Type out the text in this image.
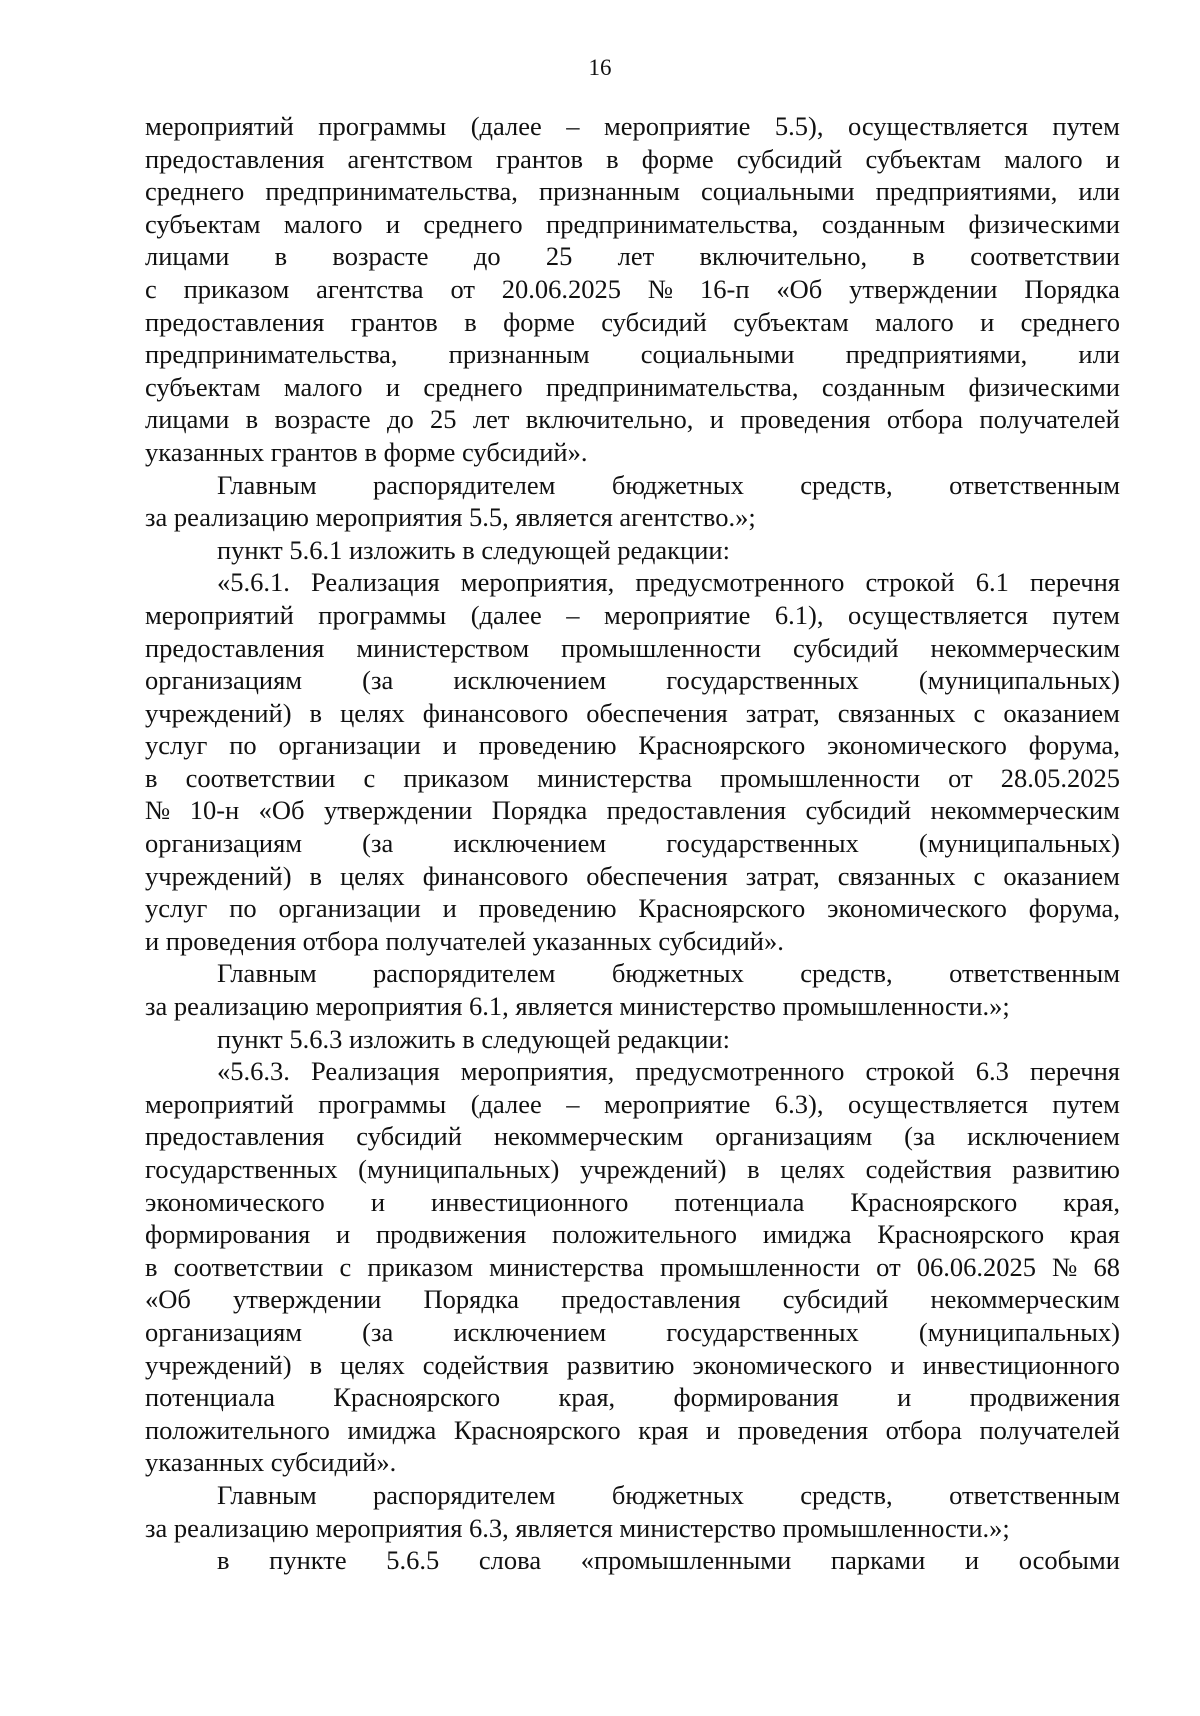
16
мероприятий программы (далее – мероприятие 5.5), осуществляется путем
предоставления агентством грантов в форме субсидий субъектам малого и
среднего предпринимательства, признанным социальными предприятиями, или
субъектам малого и среднего предпринимательства, созданным физическими
лицами в возрасте до 25 лет включительно, в соответствии
с приказом агентства от 20.06.2025 № 16-п «Об утверждении Порядка
предоставления грантов в форме субсидий субъектам малого и среднего
предпринимательства, признанным социальными предприятиями, или
субъектам малого и среднего предпринимательства, созданным физическими
лицами в возрасте до 25 лет включительно, и проведения отбора получателей
указанных грантов в форме субсидий».
Главным распорядителем бюджетных средств, ответственным
за реализацию мероприятия 5.5, является агентство.»;
пункт 5.6.1 изложить в следующей редакции:
«5.6.1. Реализация мероприятия, предусмотренного строкой 6.1 перечня
мероприятий программы (далее – мероприятие 6.1), осуществляется путем
предоставления министерством промышленности субсидий некоммерческим
организациям (за исключением государственных (муниципальных)
учреждений) в целях финансового обеспечения затрат, связанных с оказанием
услуг по организации и проведению Красноярского экономического форума,
в соответствии с приказом министерства промышленности от 28.05.2025
№ 10-н «Об утверждении Порядка предоставления субсидий некоммерческим
организациям (за исключением государственных (муниципальных)
учреждений) в целях финансового обеспечения затрат, связанных с оказанием
услуг по организации и проведению Красноярского экономического форума,
и проведения отбора получателей указанных субсидий».
Главным распорядителем бюджетных средств, ответственным
за реализацию мероприятия 6.1, является министерство промышленности.»;
пункт 5.6.3 изложить в следующей редакции:
«5.6.3. Реализация мероприятия, предусмотренного строкой 6.3 перечня
мероприятий программы (далее – мероприятие 6.3), осуществляется путем
предоставления субсидий некоммерческим организациям (за исключением
государственных (муниципальных) учреждений) в целях содействия развитию
экономического и инвестиционного потенциала Красноярского края,
формирования и продвижения положительного имиджа Красноярского края
в соответствии с приказом министерства промышленности от 06.06.2025 № 68
«Об утверждении Порядка предоставления субсидий некоммерческим
организациям (за исключением государственных (муниципальных)
учреждений) в целях содействия развитию экономического и инвестиционного
потенциала Красноярского края, формирования и продвижения
положительного имиджа Красноярского края и проведения отбора получателей
указанных субсидий».
Главным распорядителем бюджетных средств, ответственным
за реализацию мероприятия 6.3, является министерство промышленности.»;
в пункте 5.6.5 слова «промышленными парками и особыми
